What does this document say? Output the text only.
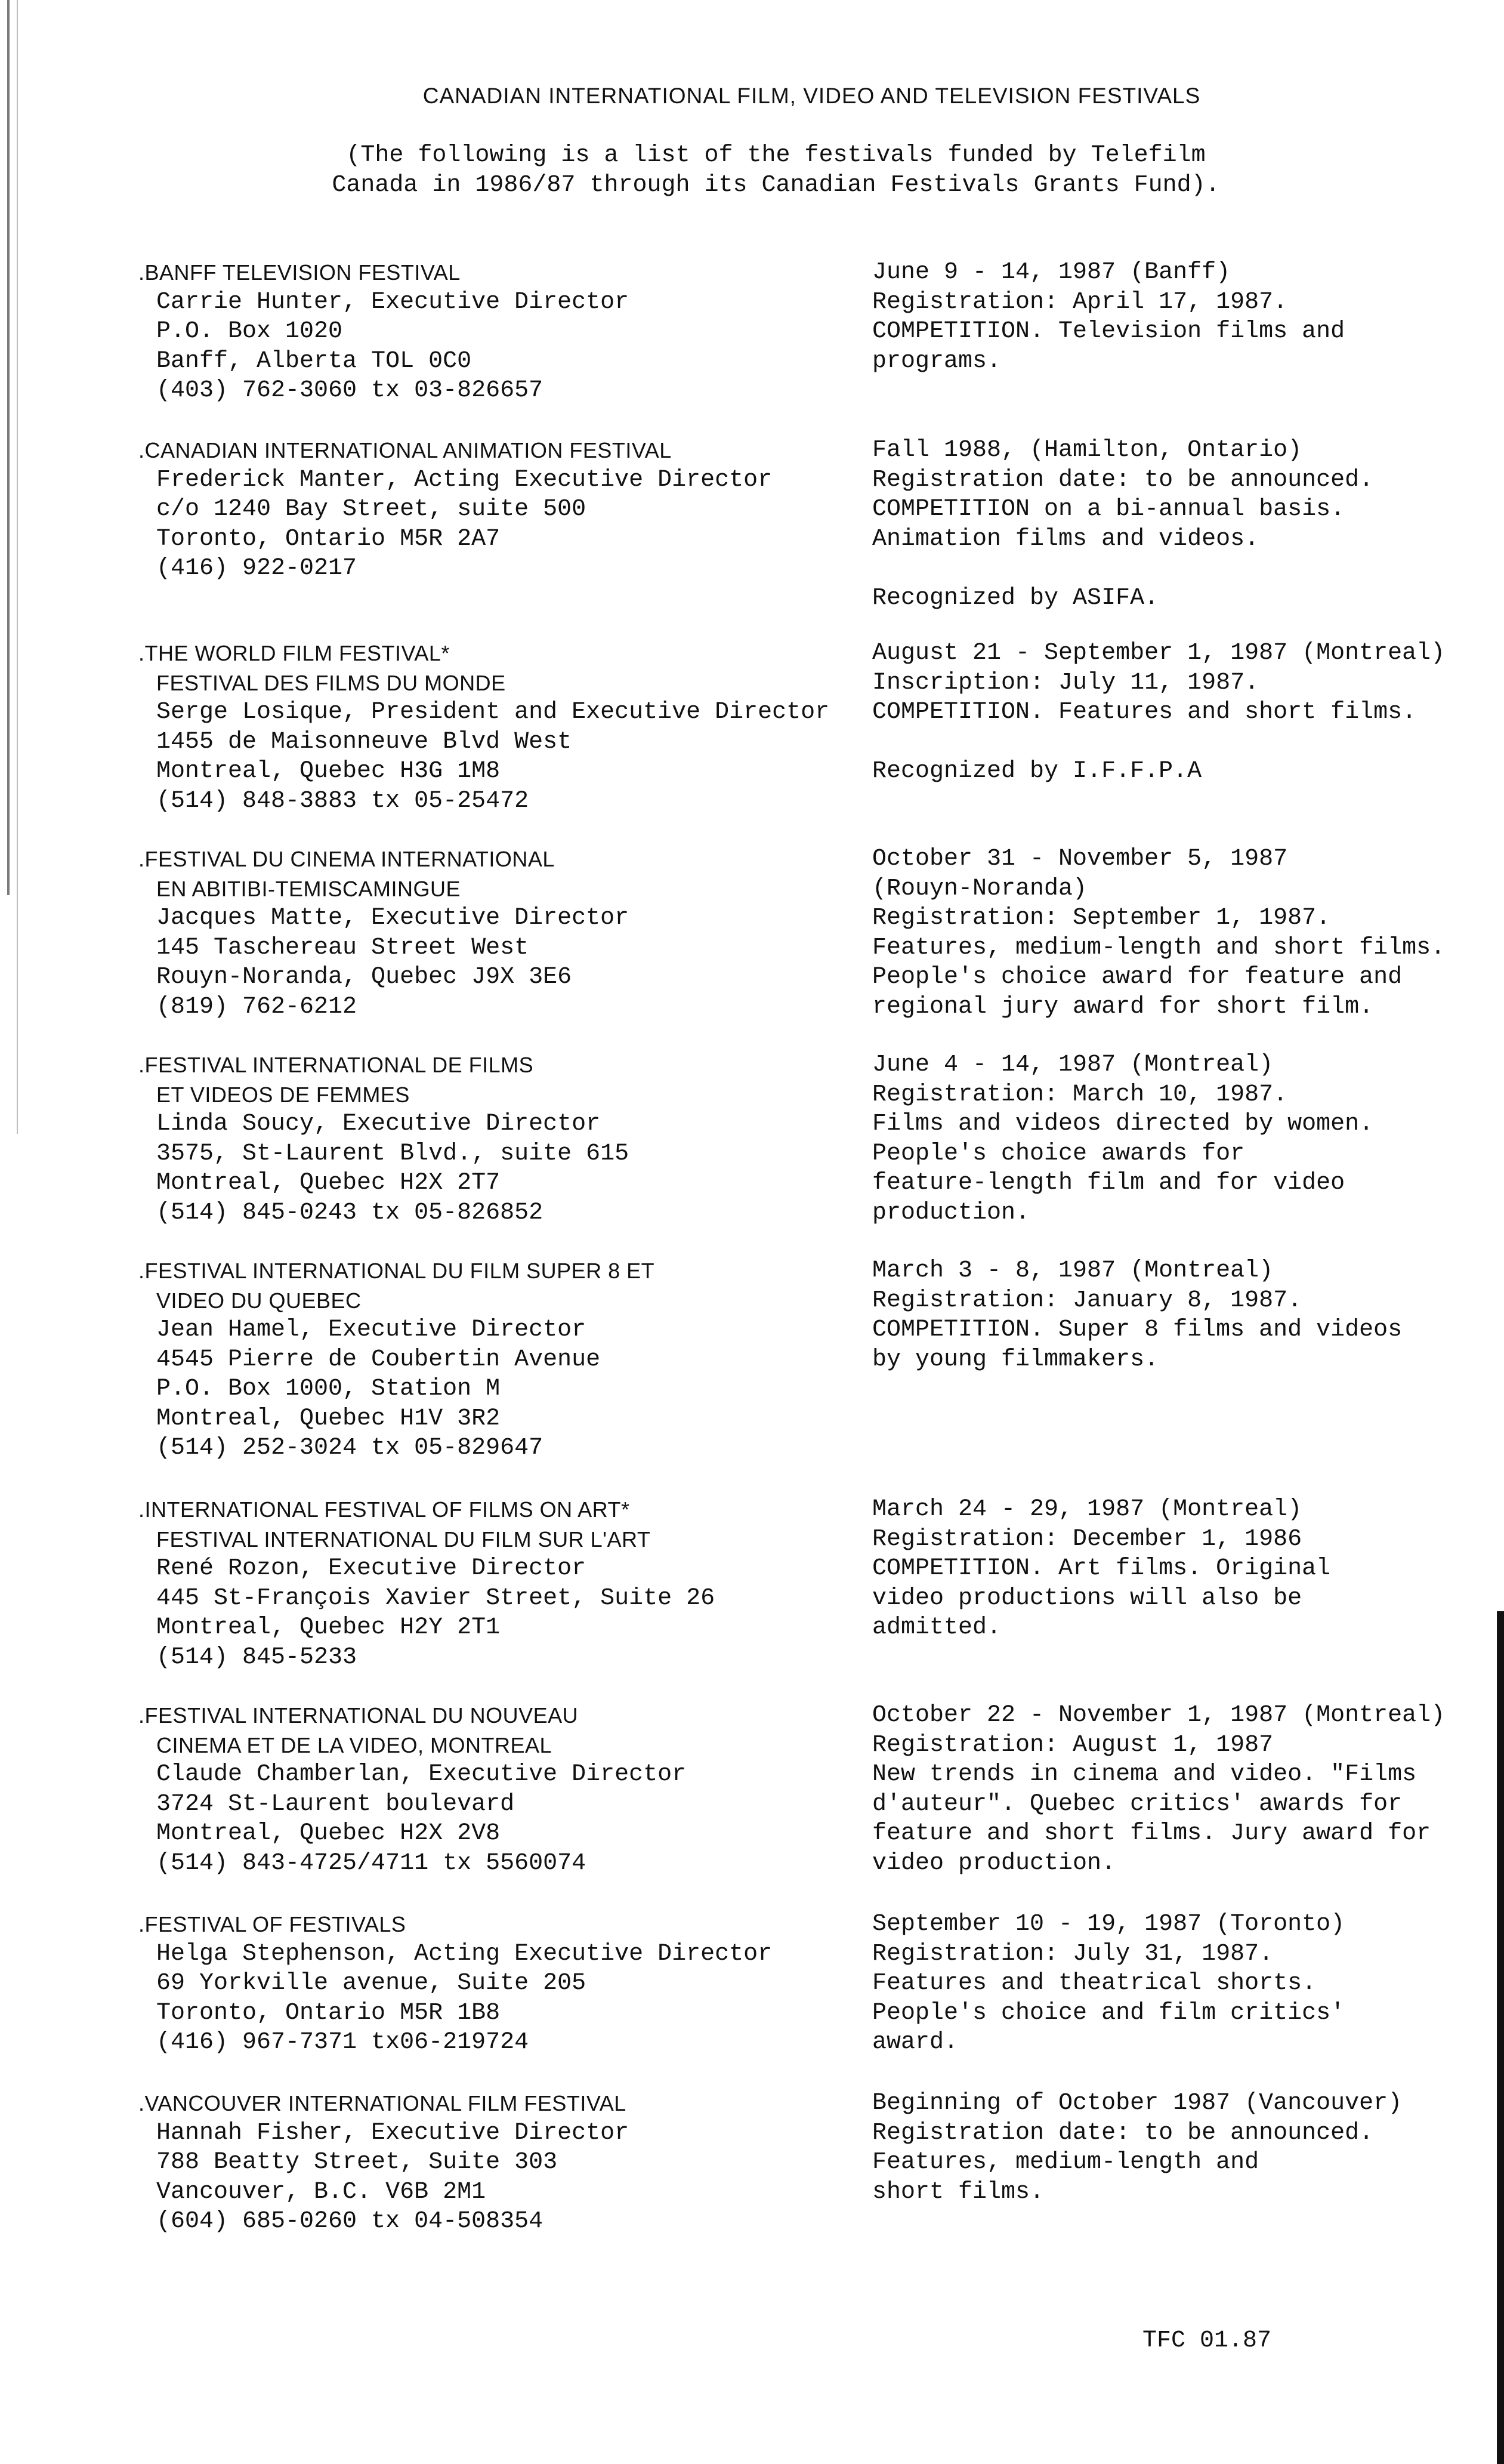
CANADIAN INTERNATIONAL FILM, VIDEO AND TELEVISION FESTIVALS
(The following is a list of the festivals funded by Telefilm
Canada in 1986/87 through its Canadian Festivals Grants Fund).
.BANFF TELEVISION FESTIVAL
Carrie Hunter, Executive Director
P.O. Box 1020
Banff, Alberta TOL 0C0
(403) 762-3060 tx 03-826657
June 9 - 14, 1987 (Banff)
Registration: April 17, 1987.
COMPETITION. Television films and
programs.
.CANADIAN INTERNATIONAL ANIMATION FESTIVAL
Frederick Manter, Acting Executive Director
c/o 1240 Bay Street, suite 500
Toronto, Ontario M5R 2A7
(416) 922-0217
Fall 1988, (Hamilton, Ontario)
Registration date: to be announced.
COMPETITION on a bi-annual basis.
Animation films and videos.

Recognized by ASIFA.
.THE WORLD FILM FESTIVAL*
FESTIVAL DES FILMS DU MONDE
Serge Losique, President and Executive Director
1455 de Maisonneuve Blvd West
Montreal, Quebec H3G 1M8
(514) 848-3883 tx 05-25472
August 21 - September 1, 1987 (Montreal)
Inscription: July 11, 1987.
COMPETITION. Features and short films.

Recognized by I.F.F.P.A
.FESTIVAL DU CINEMA INTERNATIONAL
EN ABITIBI-TEMISCAMINGUE
Jacques Matte, Executive Director
145 Taschereau Street West
Rouyn-Noranda, Quebec J9X 3E6
(819) 762-6212
October 31 - November 5, 1987
(Rouyn-Noranda)
Registration: September 1, 1987.
Features, medium-length and short films.
People's choice award for feature and
regional jury award for short film.
.FESTIVAL INTERNATIONAL DE FILMS
ET VIDEOS DE FEMMES
Linda Soucy, Executive Director
3575, St-Laurent Blvd., suite 615
Montreal, Quebec H2X 2T7
(514) 845-0243 tx 05-826852
June 4 - 14, 1987 (Montreal)
Registration: March 10, 1987.
Films and videos directed by women.
People's choice awards for
feature-length film and for video
production.
.FESTIVAL INTERNATIONAL DU FILM SUPER 8 ET
VIDEO DU QUEBEC
Jean Hamel, Executive Director
4545 Pierre de Coubertin Avenue
P.O. Box 1000, Station M
Montreal, Quebec H1V 3R2
(514) 252-3024 tx 05-829647
March 3 - 8, 1987 (Montreal)
Registration: January 8, 1987.
COMPETITION. Super 8 films and videos
by young filmmakers.
.INTERNATIONAL FESTIVAL OF FILMS ON ART*
FESTIVAL INTERNATIONAL DU FILM SUR L'ART
René Rozon, Executive Director
445 St-François Xavier Street, Suite 26
Montreal, Quebec H2Y 2T1
(514) 845-5233
March 24 - 29, 1987 (Montreal)
Registration: December 1, 1986
COMPETITION. Art films. Original
video productions will also be
admitted.
.FESTIVAL INTERNATIONAL DU NOUVEAU
CINEMA ET DE LA VIDEO, MONTREAL
Claude Chamberlan, Executive Director
3724 St-Laurent boulevard
Montreal, Quebec H2X 2V8
(514) 843-4725/4711 tx 5560074
October 22 - November 1, 1987 (Montreal)
Registration: August 1, 1987
New trends in cinema and video. "Films
d'auteur". Quebec critics' awards for
feature and short films. Jury award for
video production.
.FESTIVAL OF FESTIVALS
Helga Stephenson, Acting Executive Director
69 Yorkville avenue, Suite 205
Toronto, Ontario M5R 1B8
(416) 967-7371 tx06-219724
September 10 - 19, 1987 (Toronto)
Registration: July 31, 1987.
Features and theatrical shorts.
People's choice and film critics'
award.
.VANCOUVER INTERNATIONAL FILM FESTIVAL
Hannah Fisher, Executive Director
788 Beatty Street, Suite 303
Vancouver, B.C. V6B 2M1
(604) 685-0260 tx 04-508354
Beginning of October 1987 (Vancouver)
Registration date: to be announced.
Features, medium-length and
short films.
TFC 01.87
